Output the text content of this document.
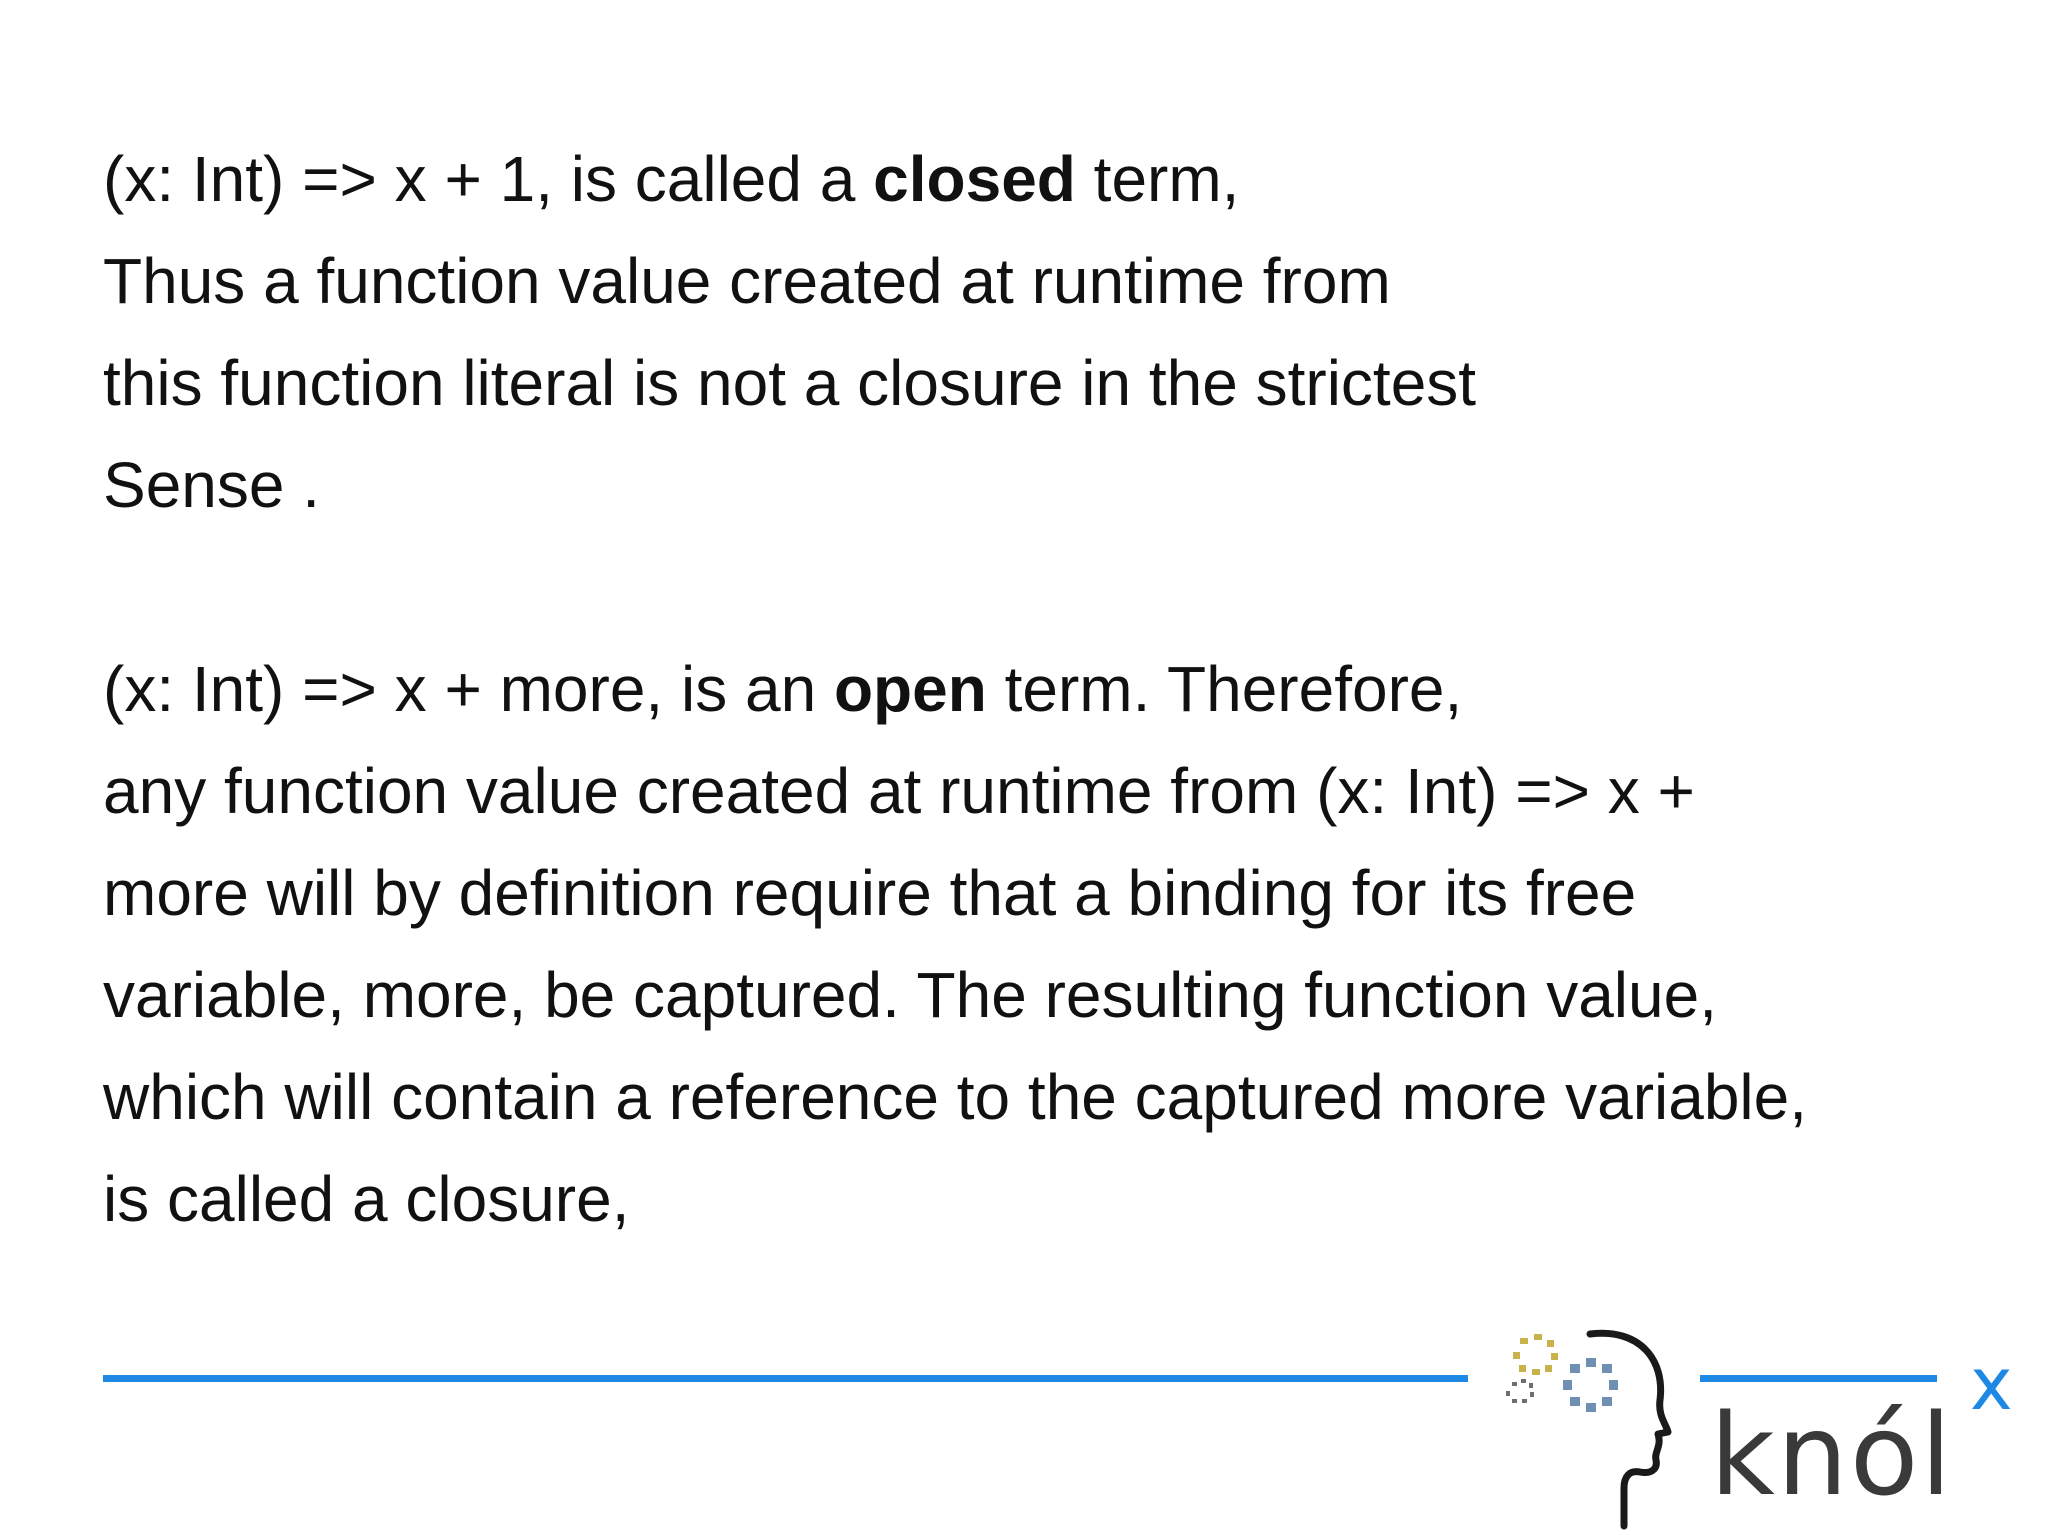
(x: Int) => x + 1, is called a closed term,
Thus a function value created at runtime from
this function literal is not a closure in the strictest
Sense .
(x: Int) => x + more, is an open term. Therefore,
any function value created at runtime from (x: Int) => x +
more will by definition require that a binding for its free
variable, more, be captured. The resulting function value,
which will contain a reference to the captured more variable,
is called a closure,
knól
x
